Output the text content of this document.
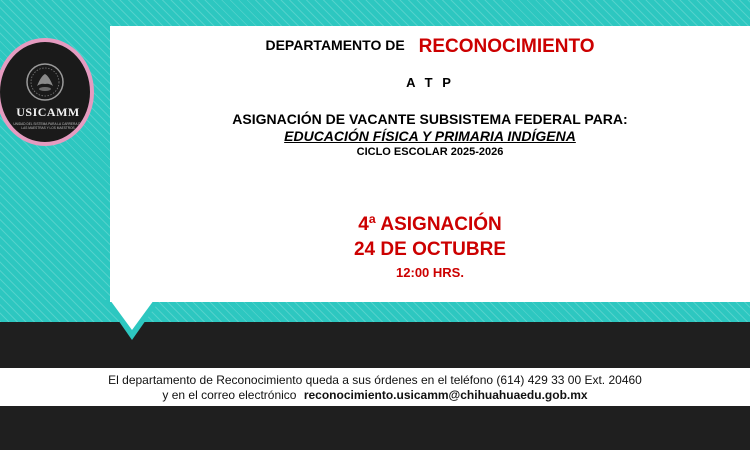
USICAMM
UNIDAD DEL SISTEMA PARA LA CARRERA DE LAS MAESTRAS Y LOS MAESTROS
DEPARTAMENTO DE RECONOCIMIENTO
A T P
ASIGNACIÓN DE VACANTE SUBSISTEMA FEDERAL PARA:
EDUCACIÓN FÍSICA Y PRIMARIA INDÍGENA
CICLO ESCOLAR 2025-2026
4ª ASIGNACIÓN
24 DE OCTUBRE
12:00 HRS.
El departamento de Reconocimiento queda a sus órdenes en el teléfono (614) 429 33 00 Ext. 20460
y en el correo electrónico reconocimiento.usicamm@chihuahuaedu.gob.mx
